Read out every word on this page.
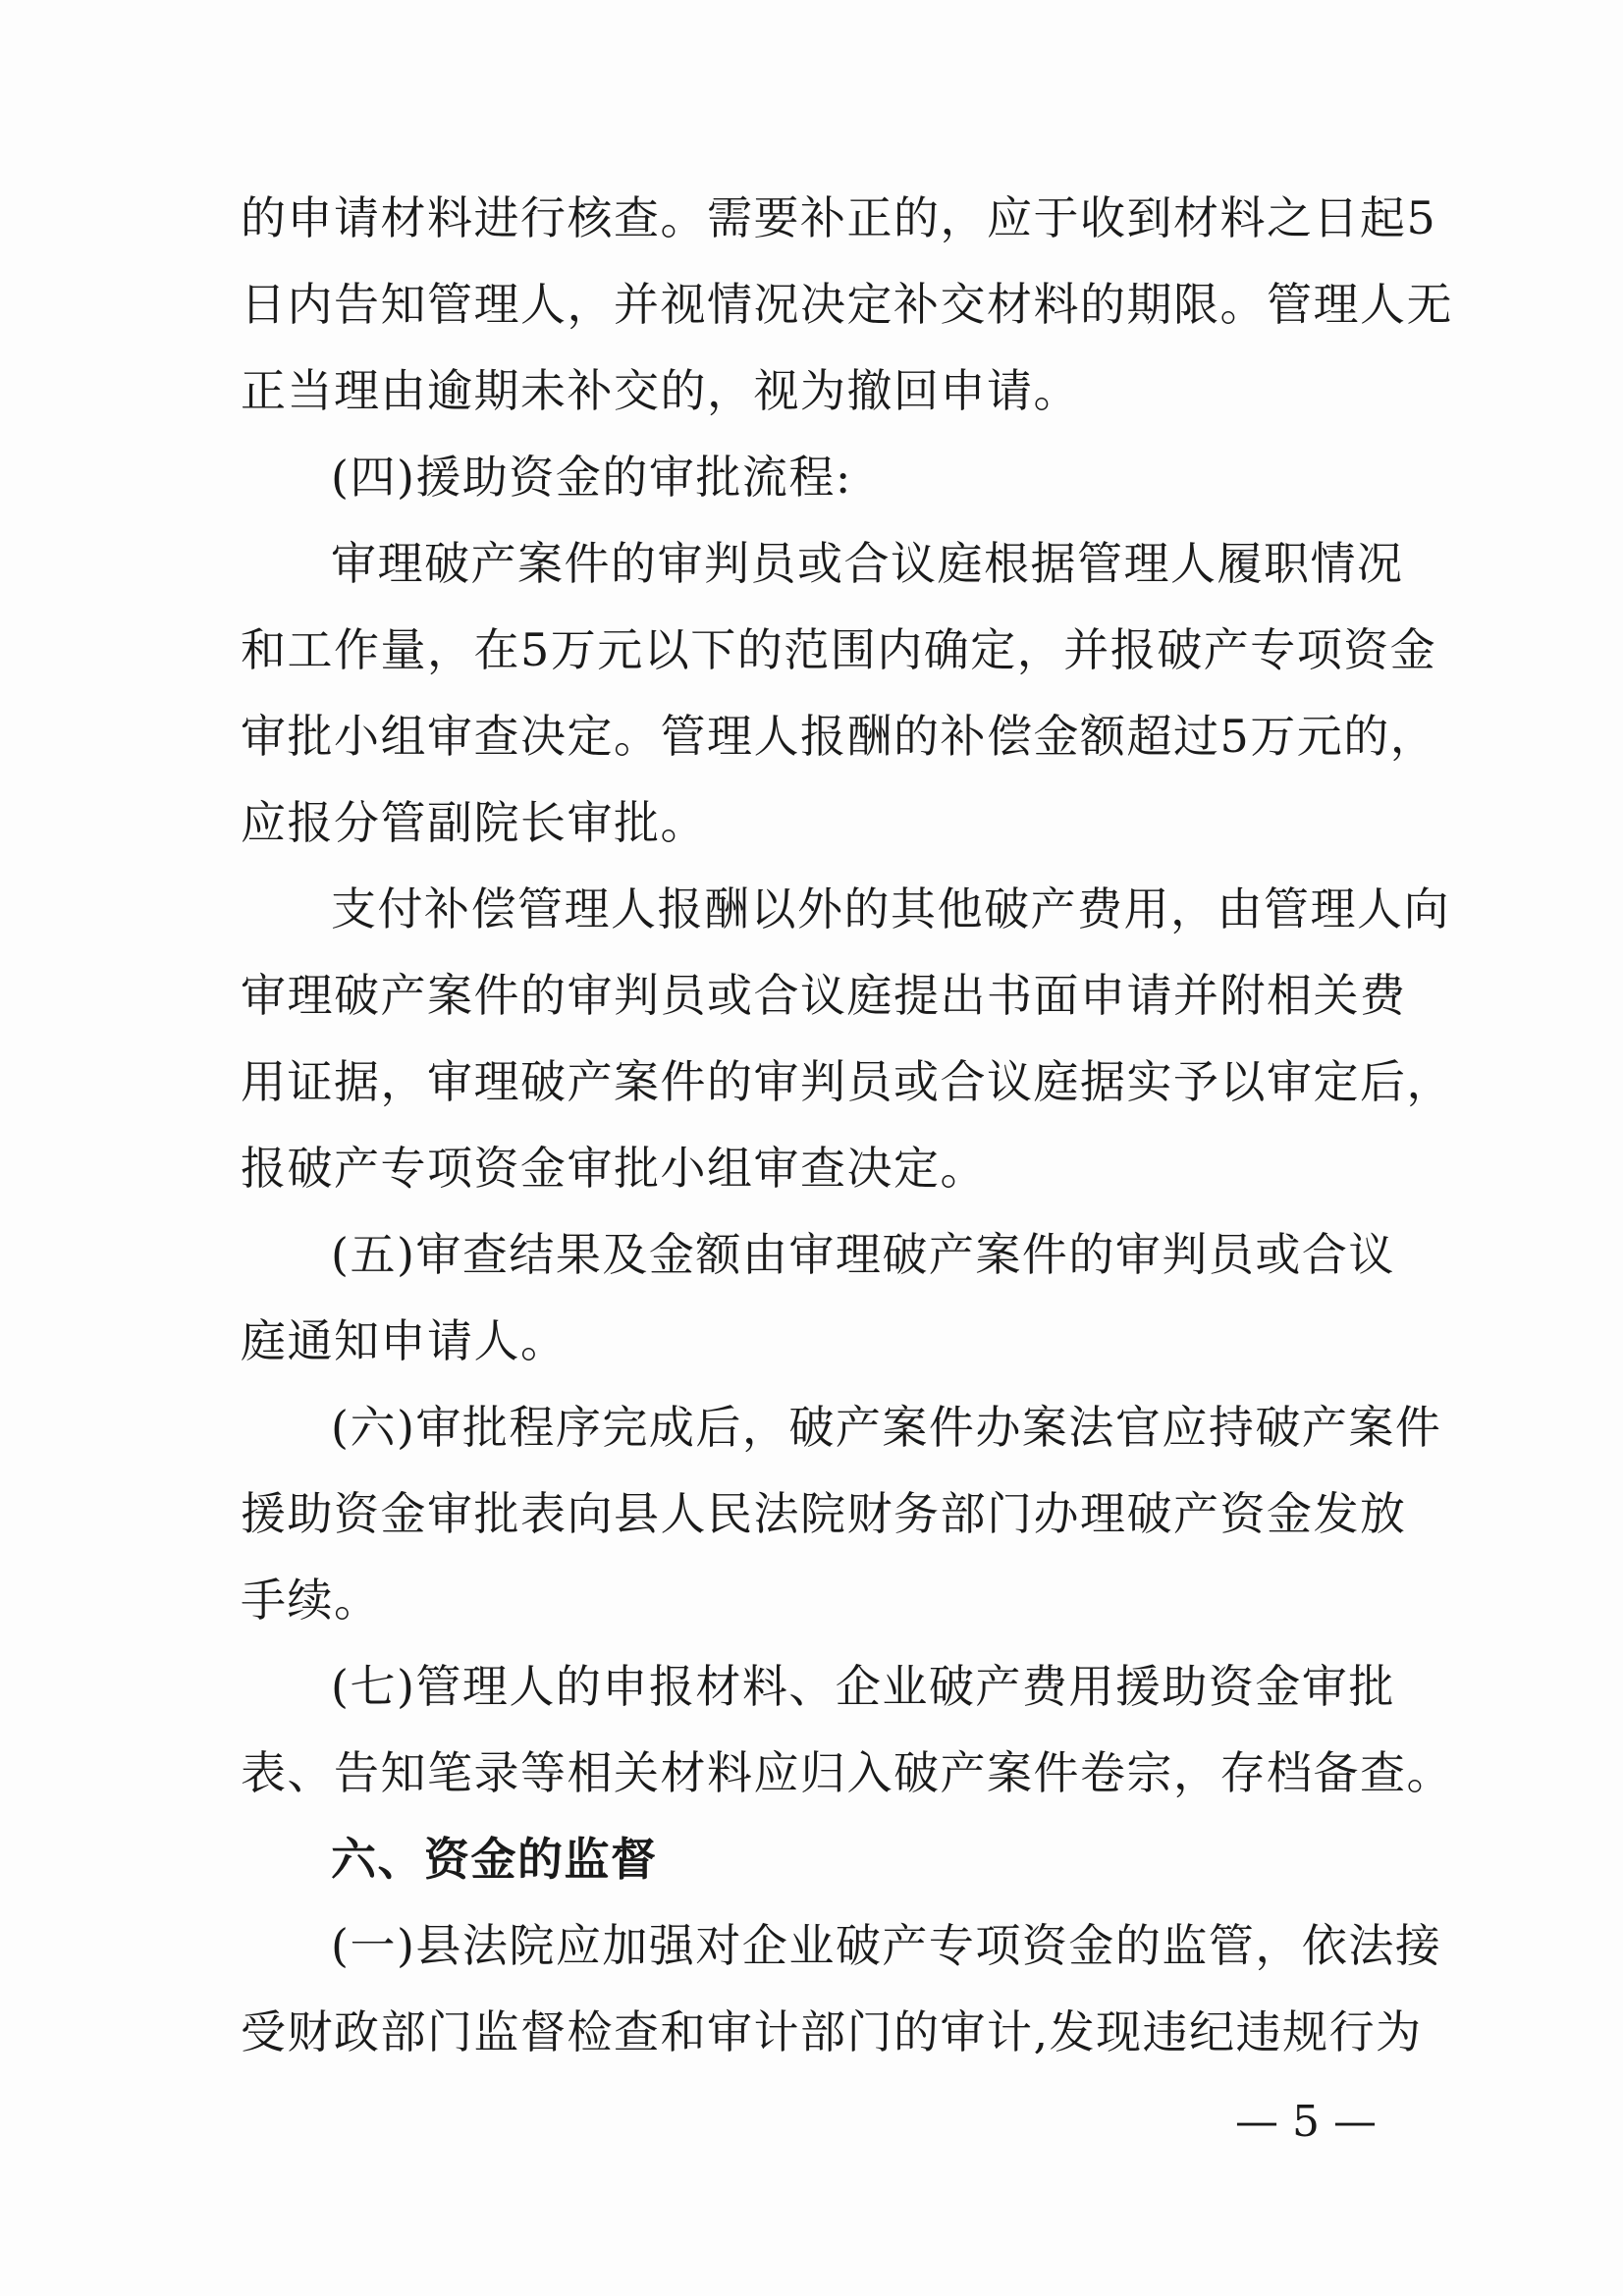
的申请材料进行核查。需要补正的，应于收到材料之日起5
日内告知管理人，并视情况决定补交材料的期限。管理人无
正当理由逾期未补交的，视为撤回申请。
(四)援助资金的审批流程:
审理破产案件的审判员或合议庭根据管理人履职情况
和工作量，在5万元以下的范围内确定，并报破产专项资金
审批小组审查决定。管理人报酬的补偿金额超过5万元的，
应报分管副院长审批。
支付补偿管理人报酬以外的其他破产费用，由管理人向
审理破产案件的审判员或合议庭提出书面申请并附相关费
用证据，审理破产案件的审判员或合议庭据实予以审定后，
报破产专项资金审批小组审查决定。
(五)审查结果及金额由审理破产案件的审判员或合议
庭通知申请人。
(六)审批程序完成后，破产案件办案法官应持破产案件
援助资金审批表向县人民法院财务部门办理破产资金发放
手续。
(七)管理人的申报材料、企业破产费用援助资金审批
表、告知笔录等相关材料应归入破产案件卷宗，存档备查。
六、资金的监督
(一)县法院应加强对企业破产专项资金的监管，依法接
受财政部门监督检查和审计部门的审计,发现违纪违规行为
— 5 —
